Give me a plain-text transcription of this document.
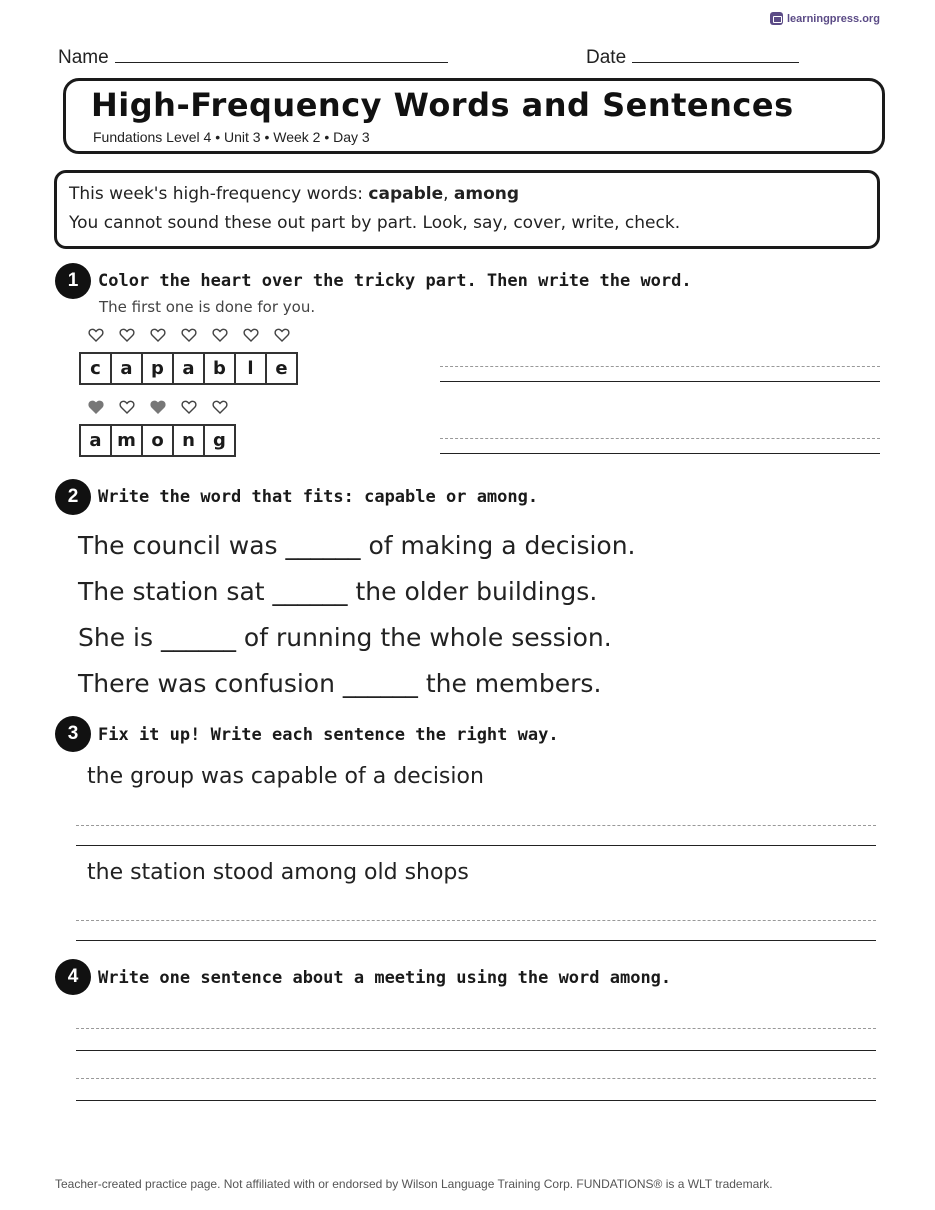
learningpress.org
Name	Date
High-Frequency Words and Sentences
Fundations Level 4 • Unit 3 • Week 2 • Day 3
This week's high-frequency words: capable, among
You cannot sound these out part by part. Look, say, cover, write, check.
1	Color the heart over the tricky part. Then write the word.
The first one is done for you.
c a p a b l e
a m o n g
2	Write the word that fits: capable or among.
The council was ______ of making a decision.
The station sat ______ the older buildings.
She is ______ of running the whole session.
There was confusion ______ the members.
3	Fix it up! Write each sentence the right way.
the group was capable of a decision
the station stood among old shops
4	Write one sentence about a meeting using the word among.
Teacher-created practice page. Not affiliated with or endorsed by Wilson Language Training Corp. FUNDATIONS® is a WLT trademark.
